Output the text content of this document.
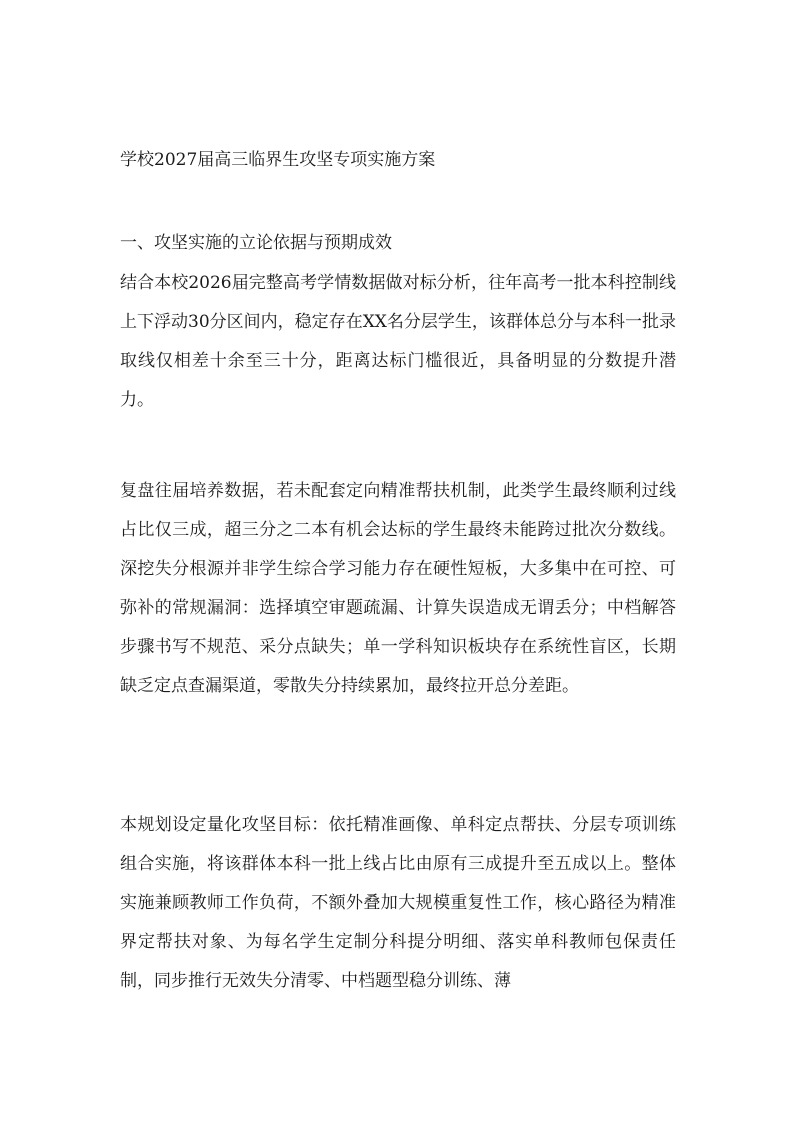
学校2027届高三临界生攻坚专项实施方案
一、攻坚实施的立论依据与预期成效

结合本校2026届完整高考学情数据做对标分析，往年高考一批本科控制线上下浮动30分区间内，稳定存在XX名分层学生，该群体总分与本科一批录取线仅相差十余至三十分，距离达标门槛很近，具备明显的分数提升潜力。

复盘往届培养数据，若未配套定向精准帮扶机制，此类学生最终顺利过线占比仅三成，超三分之二本有机会达标的学生最终未能跨过批次分数线。深挖失分根源并非学生综合学习能力存在硬性短板，大多集中在可控、可弥补的常规漏洞：选择填空审题疏漏、计算失误造成无谓丢分；中档解答步骤书写不规范、采分点缺失；单一学科知识板块存在系统性盲区，长期缺乏定点查漏渠道，零散失分持续累加，最终拉开总分差距。

本规划设定量化攻坚目标：依托精准画像、单科定点帮扶、分层专项训练组合实施，将该群体本科一批上线占比由原有三成提升至五成以上。整体实施兼顾教师工作负荷，不额外叠加大规模重复性工作，核心路径为精准界定帮扶对象、为每名学生定制分科提分明细、落实单科教师包保责任制，同步推行无效失分清零、中档题型稳分训练、薄
